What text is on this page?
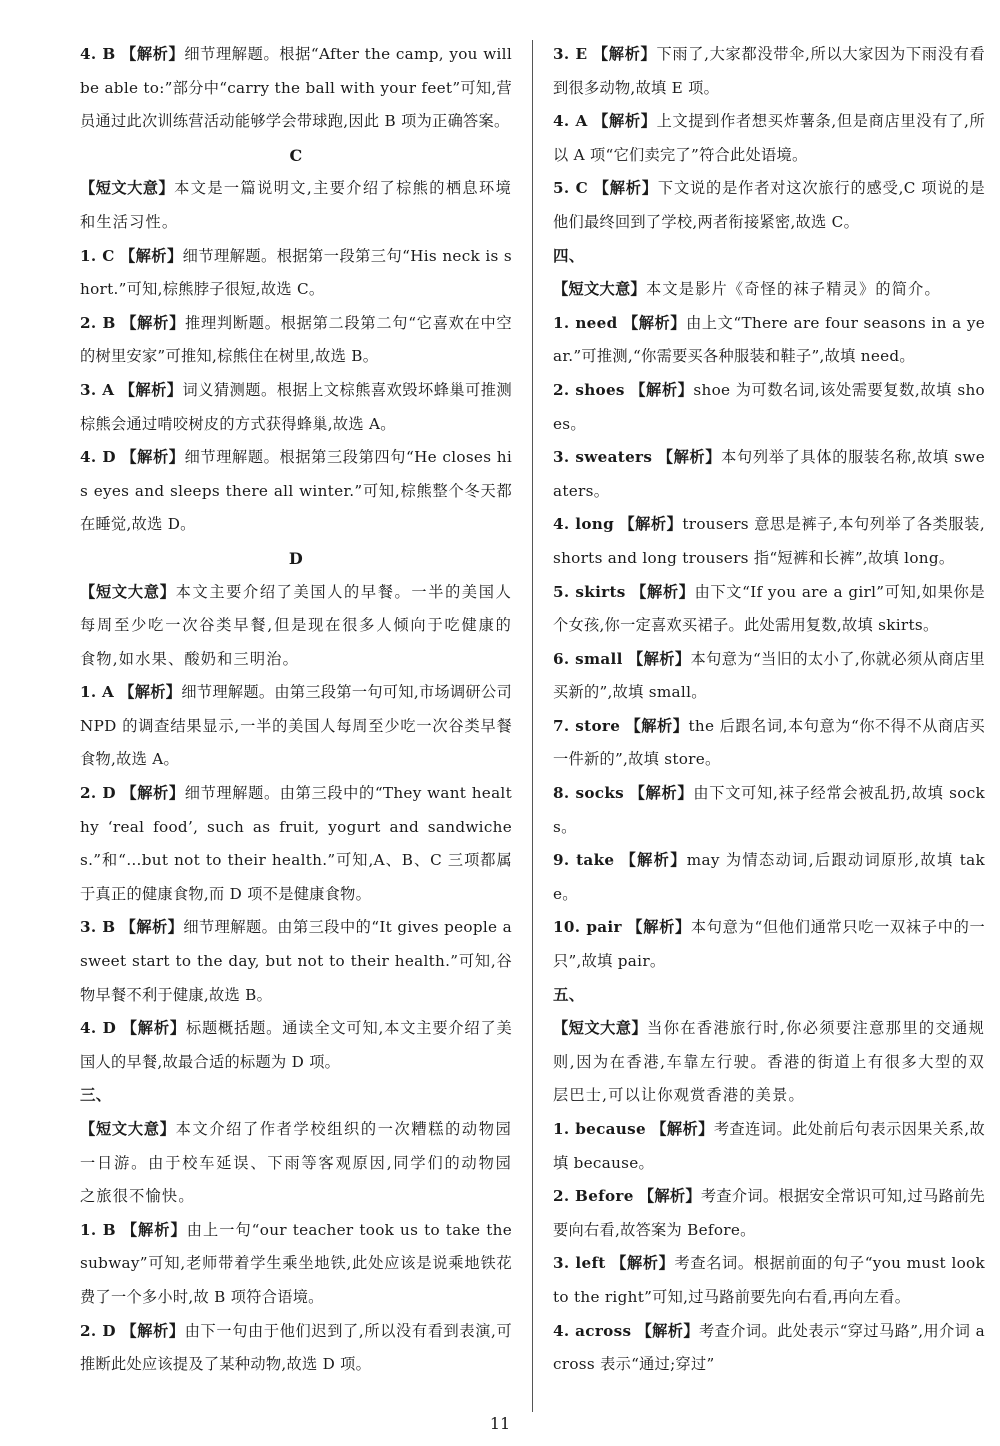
4. B 【解析】细节理解题。根据“After the camp, you will be able to:”部分中“carry the ball with your feet”可知,营员通过此次训练营活动能够学会带球跑,因此 B 项为正确答案。

C

【短文大意】本文是一篇说明文,主要介绍了棕熊的栖息环境和生活习性。

1. C 【解析】细节理解题。根据第一段第三句“His neck is short.”可知,棕熊脖子很短,故选 C。

2. B 【解析】推理判断题。根据第二段第二句“它喜欢在中空的树里安家”可推知,棕熊住在树里,故选 B。

3. A 【解析】词义猜测题。根据上文棕熊喜欢毁坏蜂巢可推测棕熊会通过啃咬树皮的方式获得蜂巢,故选 A。

4. D 【解析】细节理解题。根据第三段第四句“He closes his eyes and sleeps there all winter.”可知,棕熊整个冬天都在睡觉,故选 D。

D

【短文大意】本文主要介绍了美国人的早餐。一半的美国人每周至少吃一次谷类早餐,但是现在很多人倾向于吃健康的食物,如水果、酸奶和三明治。

1. A 【解析】细节理解题。由第三段第一句可知,市场调研公司 NPD 的调查结果显示,一半的美国人每周至少吃一次谷类早餐食物,故选 A。

2. D 【解析】细节理解题。由第三段中的“They want healthy ‘real food’, such as fruit, yogurt and sandwiches.”和“…but not to their health.”可知,A、B、C 三项都属于真正的健康食物,而 D 项不是健康食物。

3. B 【解析】细节理解题。由第三段中的“It gives people a sweet start to the day, but not to their health.”可知,谷物早餐不利于健康,故选 B。

4. D 【解析】标题概括题。通读全文可知,本文主要介绍了美国人的早餐,故最合适的标题为 D 项。

三、

【短文大意】本文介绍了作者学校组织的一次糟糕的动物园一日游。由于校车延误、下雨等客观原因,同学们的动物园之旅很不愉快。

1. B 【解析】由上一句“our teacher took us to take the subway”可知,老师带着学生乘坐地铁,此处应该是说乘地铁花费了一个多小时,故 B 项符合语境。

2. D 【解析】由下一句由于他们迟到了,所以没有看到表演,可推断此处应该提及了某种动物,故选 D 项。

3. E 【解析】下雨了,大家都没带伞,所以大家因为下雨没有看到很多动物,故填 E 项。

4. A 【解析】上文提到作者想买炸薯条,但是商店里没有了,所以 A 项“它们卖完了”符合此处语境。

5. C 【解析】下文说的是作者对这次旅行的感受,C 项说的是他们最终回到了学校,两者衔接紧密,故选 C。

四、

【短文大意】本文是影片《奇怪的袜子精灵》的简介。

1. need 【解析】由上文“There are four seasons in a year.”可推测,“你需要买各种服装和鞋子”,故填 need。

2. shoes 【解析】shoe 为可数名词,该处需要复数,故填 shoes。

3. sweaters 【解析】本句列举了具体的服装名称,故填 sweaters。

4. long 【解析】trousers 意思是裤子,本句列举了各类服装,shorts and long trousers 指“短裤和长裤”,故填 long。

5. skirts 【解析】由下文“If you are a girl”可知,如果你是个女孩,你一定喜欢买裙子。此处需用复数,故填 skirts。

6. small 【解析】本句意为“当旧的太小了,你就必须从商店里买新的”,故填 small。

7. store 【解析】the 后跟名词,本句意为“你不得不从商店买一件新的”,故填 store。

8. socks 【解析】由下文可知,袜子经常会被乱扔,故填 socks。

9. take 【解析】may 为情态动词,后跟动词原形,故填 take。

10. pair 【解析】本句意为“但他们通常只吃一双袜子中的一只”,故填 pair。

五、

【短文大意】当你在香港旅行时,你必须要注意那里的交通规则,因为在香港,车靠左行驶。香港的街道上有很多大型的双层巴士,可以让你观赏香港的美景。

1. because 【解析】考查连词。此处前后句表示因果关系,故填 because。

2. Before 【解析】考查介词。根据安全常识可知,过马路前先要向右看,故答案为 Before。

3. left 【解析】考查名词。根据前面的句子“you must look to the right”可知,过马路前要先向右看,再向左看。

4. across 【解析】考查介词。此处表示“穿过马路”,用介词 across 表示“通过;穿过”

11
